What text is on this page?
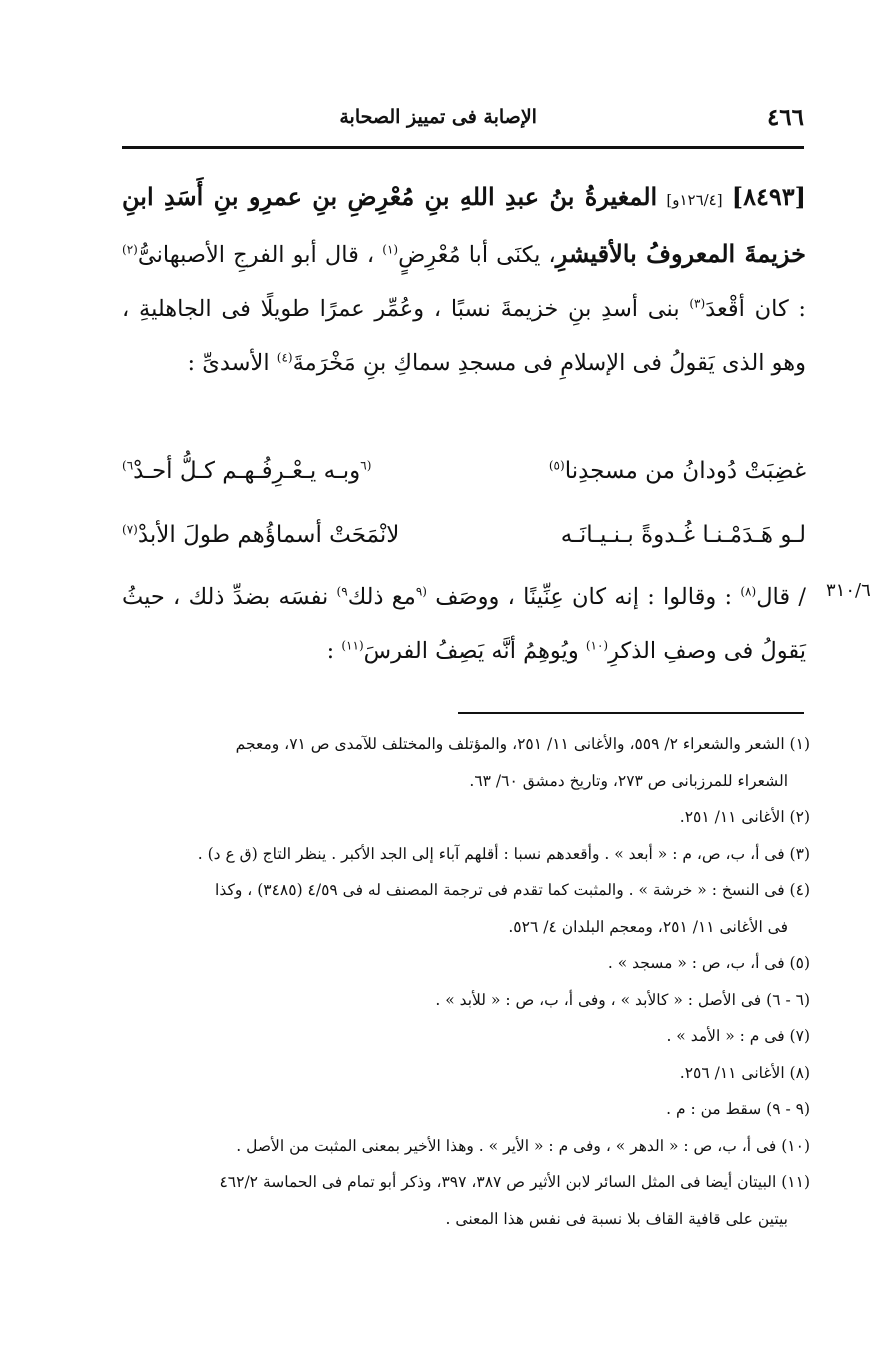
٤٦٦
الإصابة فى تمييز الصحابة

[٨٤٩٣] [١٢٦/٤و] المغيرةُ بنُ عبدِ اللهِ بنِ مُعْرِضِ بنِ عمرِو بنِ أَسَدِ ابنِ خزيمةَ المعروفُ بالأقيشرِ، يكنَى أبا مُعْرِضٍ$^{(١)}$ ، قال أبو الفرجِ الأصبهانىُّ$^{(٢)}$ : كان أقْعدَ$^{(٣)}$ بنى أسدِ بنِ خزيمةَ نسبًا ، وعُمِّر عمرًا طويلًا فى الجاهليةِ ، وهو الذى يَقولُ فى الإسلامِ فى مسجدِ سماكِ بنِ مَخْرَمةَ$^{(٤)}$ الأسدىِّ :

غضِبَتْ دُودانُ من مسجدِنا$^{(٥)}$
$^{(٦}$وبـه يـعْـرِفُـهـم كـلُّ أحـدْ$^{٦)}$
لـو هَـدَمْـنـا غُـدوةً بـنـيـانَـه
لانْمَحَتْ أسماؤُهم طولَ الأبدْ$^{(٧)}$
٣١٠/٦

/ قال$^{(٨)}$ : وقالوا : إنه كان عِنِّينًا ، ووصَف $^{(٩}$مع ذلك$^{٩)}$ نفسَه بضدِّ ذلك ، حيثُ يَقولُ فى وصفِ الذكرِ$^{(١٠)}$ ويُوهِمُ أنَّه يَصِفُ الفرسَ$^{(١١)}$ :

(١) الشعر والشعراء ٢/ ٥٥٩، والأغانى ١١/ ٢٥١، والمؤتلف والمختلف للآمدى ص ٧١، ومعجم
الشعراء للمرزبانى ص ٢٧٣، وتاريخ دمشق ٦٠/ ٦٣.

(٢) الأغانى ١١/ ٢٥١.

(٣) فى أ، ب، ص، م : « أبعد » . وأقعدهم نسبا : أقلهم آباء إلى الجد الأكبر . ينظر التاج (ق ع د) .

(٤) فى النسخ : « خرشة » . والمثبت كما تقدم فى ترجمة المصنف له فى ٤/٥٩ (٣٤٨٥) ، وكذا
فى الأغانى ١١/ ٢٥١، ومعجم البلدان ٤/ ٥٢٦.

(٥) فى أ، ب، ص : « مسجد » .

(٦ - ٦) فى الأصل : « كالأبد » ، وفى أ، ب، ص : « للأبد » .

(٧) فى م : « الأمد » .

(٨) الأغانى ١١/ ٢٥٦.

(٩ - ٩) سقط من : م .

(١٠) فى أ، ب، ص : « الدهر » ، وفى م : « الأير » . وهذا الأخير بمعنى المثبت من الأصل .

(١١) البيتان أيضا فى المثل السائر لابن الأثير ص ٣٨٧، ٣٩٧، وذكر أبو تمام فى الحماسة ٤٦٢/٢
بيتين على قافية القاف بلا نسبة فى نفس هذا المعنى .
